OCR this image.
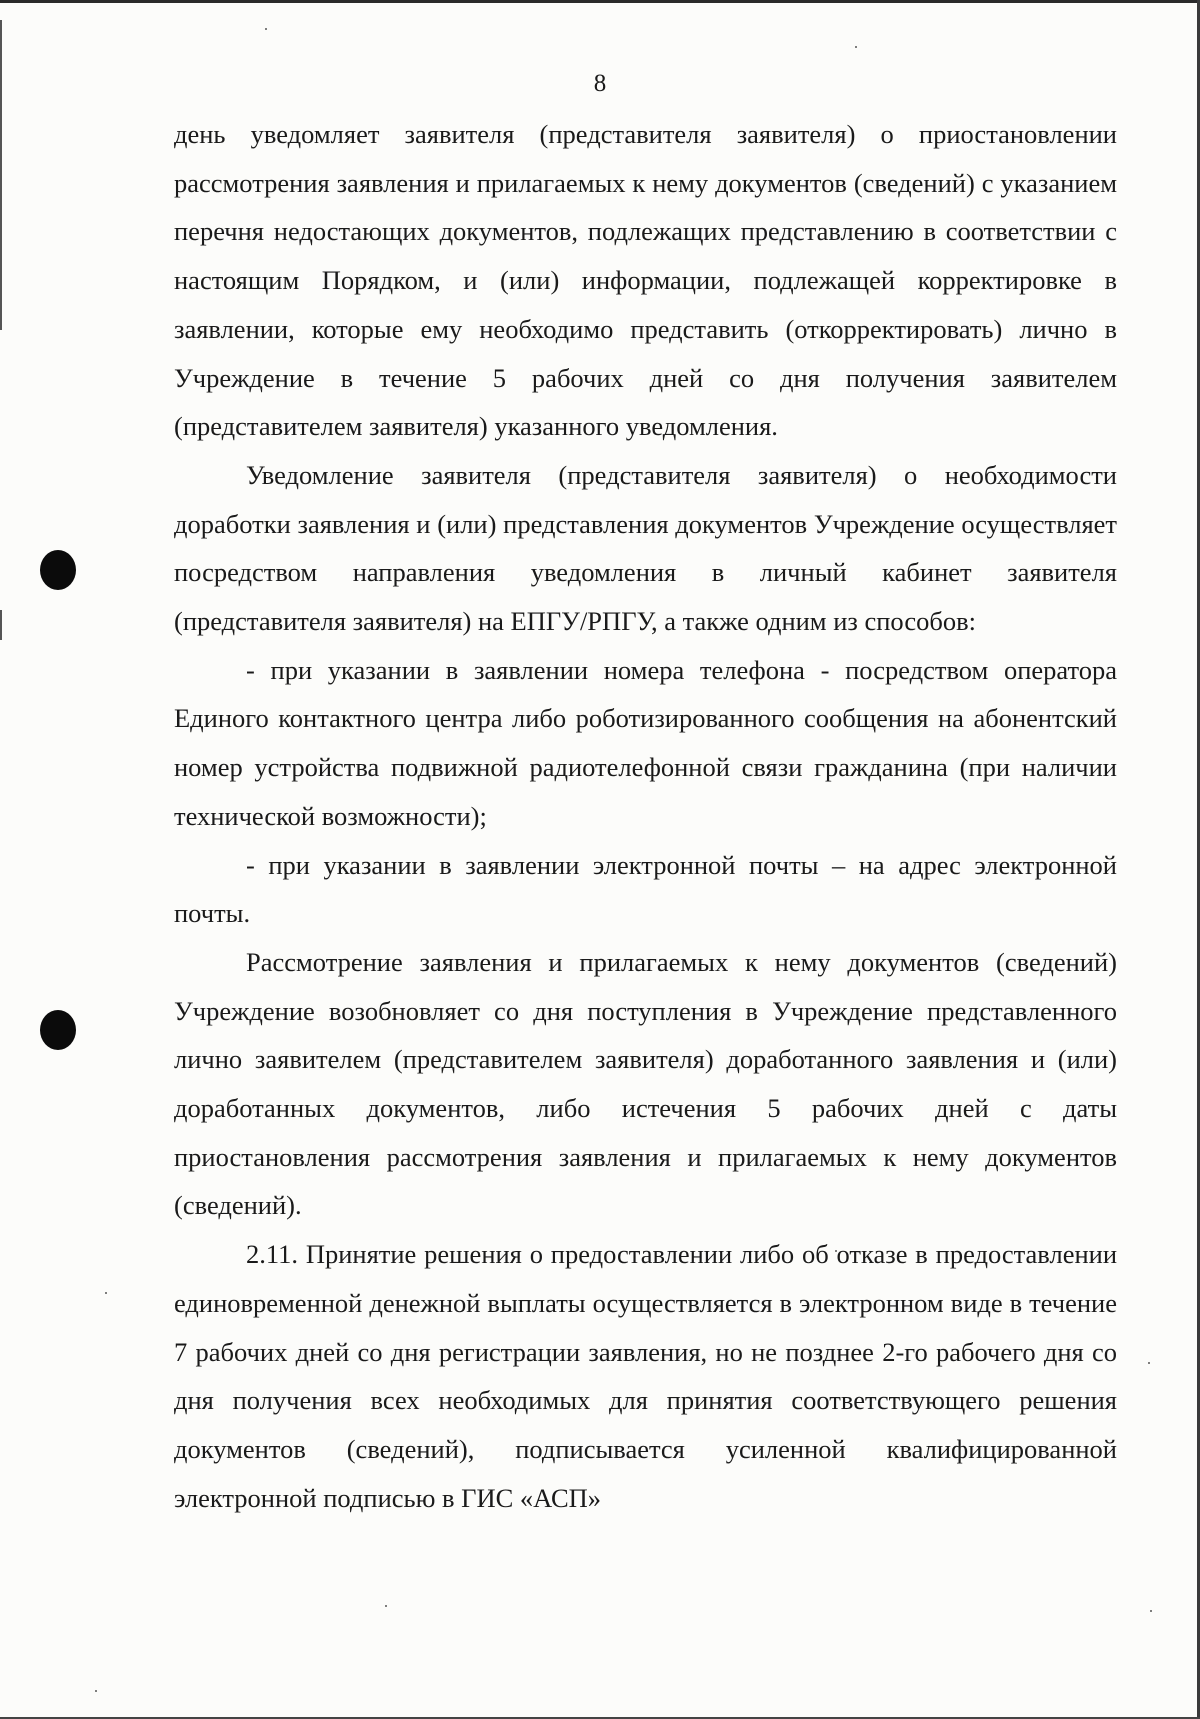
8

день уведомляет заявителя (представителя заявителя) о приостановлении рассмотрения заявления и прилагаемых к нему документов (сведений) с указанием перечня недостающих документов, подлежащих представлению в соответствии с настоящим Порядком, и (или) информации, подлежащей корректировке в заявлении, которые ему необходимо представить (откорректировать) лично в Учреждение в течение 5 рабочих дней со дня получения заявителем (представителем заявителя) указанного уведомления.

Уведомление заявителя (представителя заявителя) о необходимости доработки заявления и (или) представления документов Учреждение осуществляет посредством направления уведомления в личный кабинет заявителя (представителя заявителя) на ЕПГУ/РПГУ, а также одним из способов:

- при указании в заявлении номера телефона - посредством оператора Единого контактного центра либо роботизированного сообщения на абонентский номер устройства подвижной радиотелефонной связи гражданина (при наличии технической возможности);

- при указании в заявлении электронной почты – на адрес электронной почты.

Рассмотрение заявления и прилагаемых к нему документов (сведений) Учреждение возобновляет со дня поступления в Учреждение представленного лично заявителем (представителем заявителя) доработанного заявления и (или) доработанных документов, либо истечения 5 рабочих дней с даты приостановления рассмотрения заявления и прилагаемых к нему документов (сведений).

2.11. Принятие решения о предоставлении либо об отказе в предоставлении единовременной денежной выплаты осуществляется в электронном виде в течение 7 рабочих дней со дня регистрации заявления, но не позднее 2-го рабочего дня со дня получения всех необходимых для принятия соответствующего решения документов (сведений), подписывается усиленной квалифицированной электронной подписью в ГИС «АСП»
